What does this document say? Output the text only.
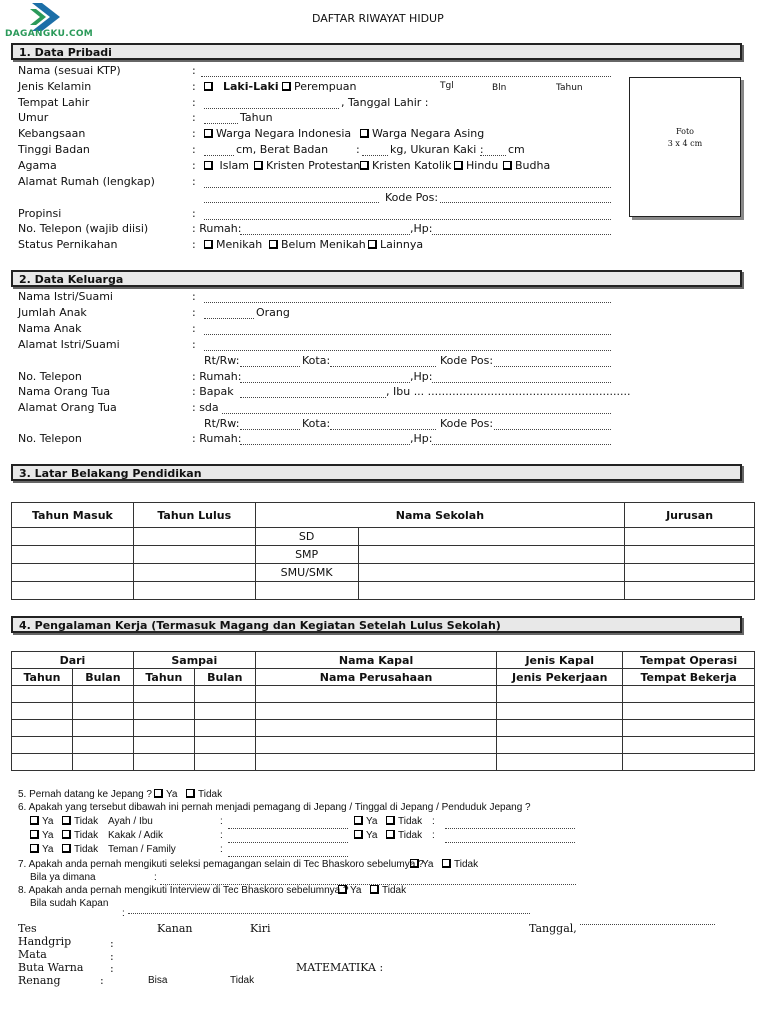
DAGANGKU.COM
DAFTAR RIWAYAT HIDUP
1. Data Pribadi
Nama (sesuai KTP)	:
Jenis Kelamin	:	Laki-Laki	Perempuan	Tgl	Bln	Tahun
Tempat Lahir	:	, Tanggal Lahir :
Umur	:	Tahun
Kebangsaan	:	Warga Negara Indonesia	Warga Negara Asing
Tinggi Badan	:	cm, Berat Badan	:	kg, Ukuran Kaki : cm
Agama	:	Islam	Kristen Protestan	Kristen Katolik	Hindu	Budha
Alamat Rumah (lengkap)	:
Kode Pos:
Propinsi	:
No. Telepon (wajib diisi)	: Rumah:	,Hp:
Status Pernikahan	:	Menikah	Belum Menikah	Lainnya
Foto
3 x 4 cm
2. Data Keluarga
Nama Istri/Suami	:
Jumlah Anak	:	Orang
Nama Anak	:
Alamat Istri/Suami	:
Rt/Rw:	Kota:	Kode Pos:
No. Telepon	: Rumah:	,Hp:
Nama Orang Tua	: Bapak	, Ibu ... ..........................................................
Alamat Orang Tua	: sda
Rt/Rw:	Kota:	Kode Pos:
No. Telepon	: Rumah:	,Hp:
3. Latar Belakang Pendidikan
Tahun Masuk	Tahun Lulus	Nama Sekolah		Jurusan
		SD		
		SMP		
		SMU/SMK		

4. Pengalaman Kerja (Termasuk Magang dan Kegiatan Setelah Lulus Sekolah)
Dari		Sampai		Nama Kapal	Jenis Kapal	Tempat Operasi
Tahun	Bulan	Tahun	Bulan	Nama Perusahaan	Jenis Pekerjaan	Tempat Bekerja

5. Pernah datang ke Jepang ?	Ya	Tidak
6. Apakah yang tersebut dibawah ini pernah menjadi pemagang di Jepang / Tinggal di Jepang / Penduduk Jepang ?
Ya	Tidak Ayah / Ibu	:	Ya	Tidak :
Ya	Tidak Kakak / Adik	:	Ya	Tidak :
Ya	Tidak Teman / Family	:
7. Apakah anda pernah mengikuti seleksi pemagangan selain di Tec Bhaskoro sebelumya ?
Ya	Tidak
Bila ya dimana	:
8. Apakah anda pernah mengikuti Interview di Tec Bhaskoro sebelumnya ? Ya	Tidak
Bila sudah Kapan
:
Tes	Kanan	Kiri	Tanggal,
Handgrip	:
Mata	:
Buta Warna :	MATEMATIKA :
Renang	:	Bisa	Tidak
